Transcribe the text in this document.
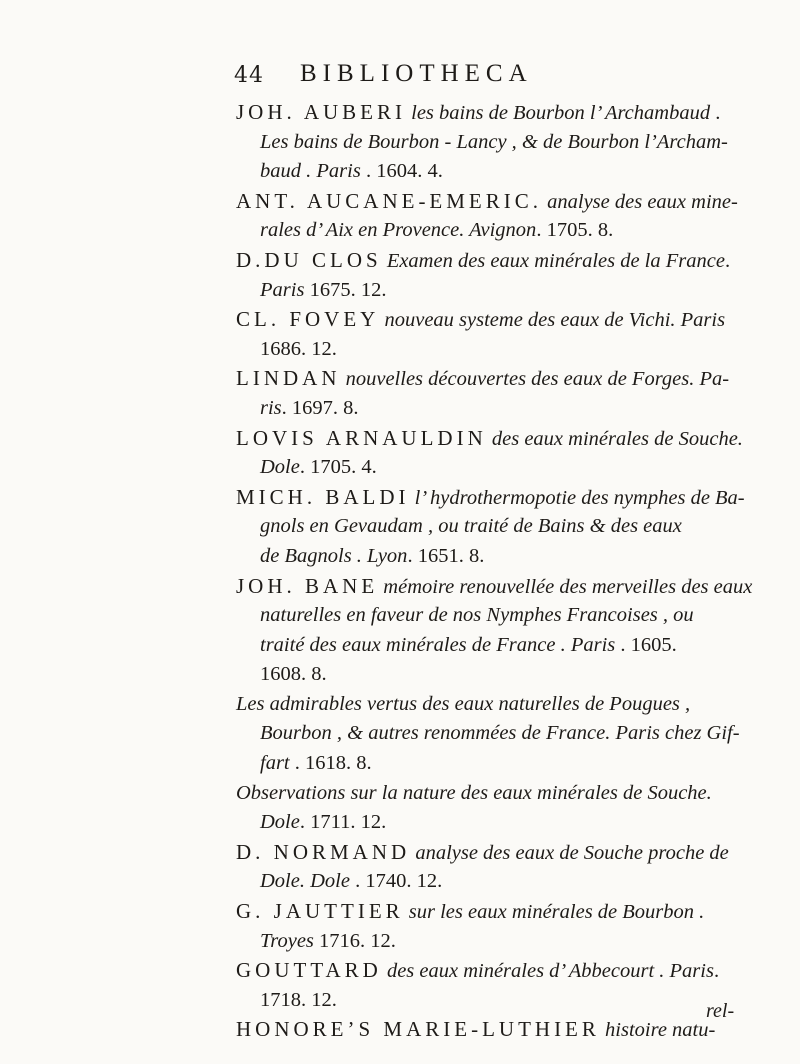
44 BIBLIOTHECA
JOH. AUBERI les bains de Bourbon l’ Archambaud .
Les bains de Bourbon - Lancy , & de Bourbon l’Archam-
baud . Paris . 1604. 4.
ANT. AUCANE-EMERIC. analyse des eaux mine-
rales d’ Aix en Provence. Avignon. 1705. 8.
D.DU CLOS Examen des eaux minérales de la France.
Paris 1675. 12.
CL. FOVEY nouveau systeme des eaux de Vichi. Paris
1686. 12.
LINDAN nouvelles découvertes des eaux de Forges. Pa-
ris. 1697. 8.
LOVIS ARNAULDIN des eaux minérales de Souche.
Dole. 1705. 4.
MICH. BALDI l’ hydrothermopotie des nymphes de Ba-
gnols en Gevaudam , ou traité de Bains & des eaux
de Bagnols . Lyon. 1651. 8.
JOH. BANE mémoire renouvellée des merveilles des eaux
naturelles en faveur de nos Nymphes Francoises , ou
traité des eaux minérales de France . Paris . 1605.
1608. 8.
Les admirables vertus des eaux naturelles de Pougues ,
Bourbon , & autres renommées de France. Paris chez Gif-
fart . 1618. 8.
Observations sur la nature des eaux minérales de Souche.
Dole. 1711. 12.
D. NORMAND analyse des eaux de Souche proche de
Dole. Dole . 1740. 12.
G. JAUTTIER sur les eaux minérales de Bourbon .
Troyes 1716. 12.
GOUTTARD des eaux minérales d’ Abbecourt . Paris.
1718. 12.
HONORE’S MARIE-LUTHIER histoire natu-
rel-
